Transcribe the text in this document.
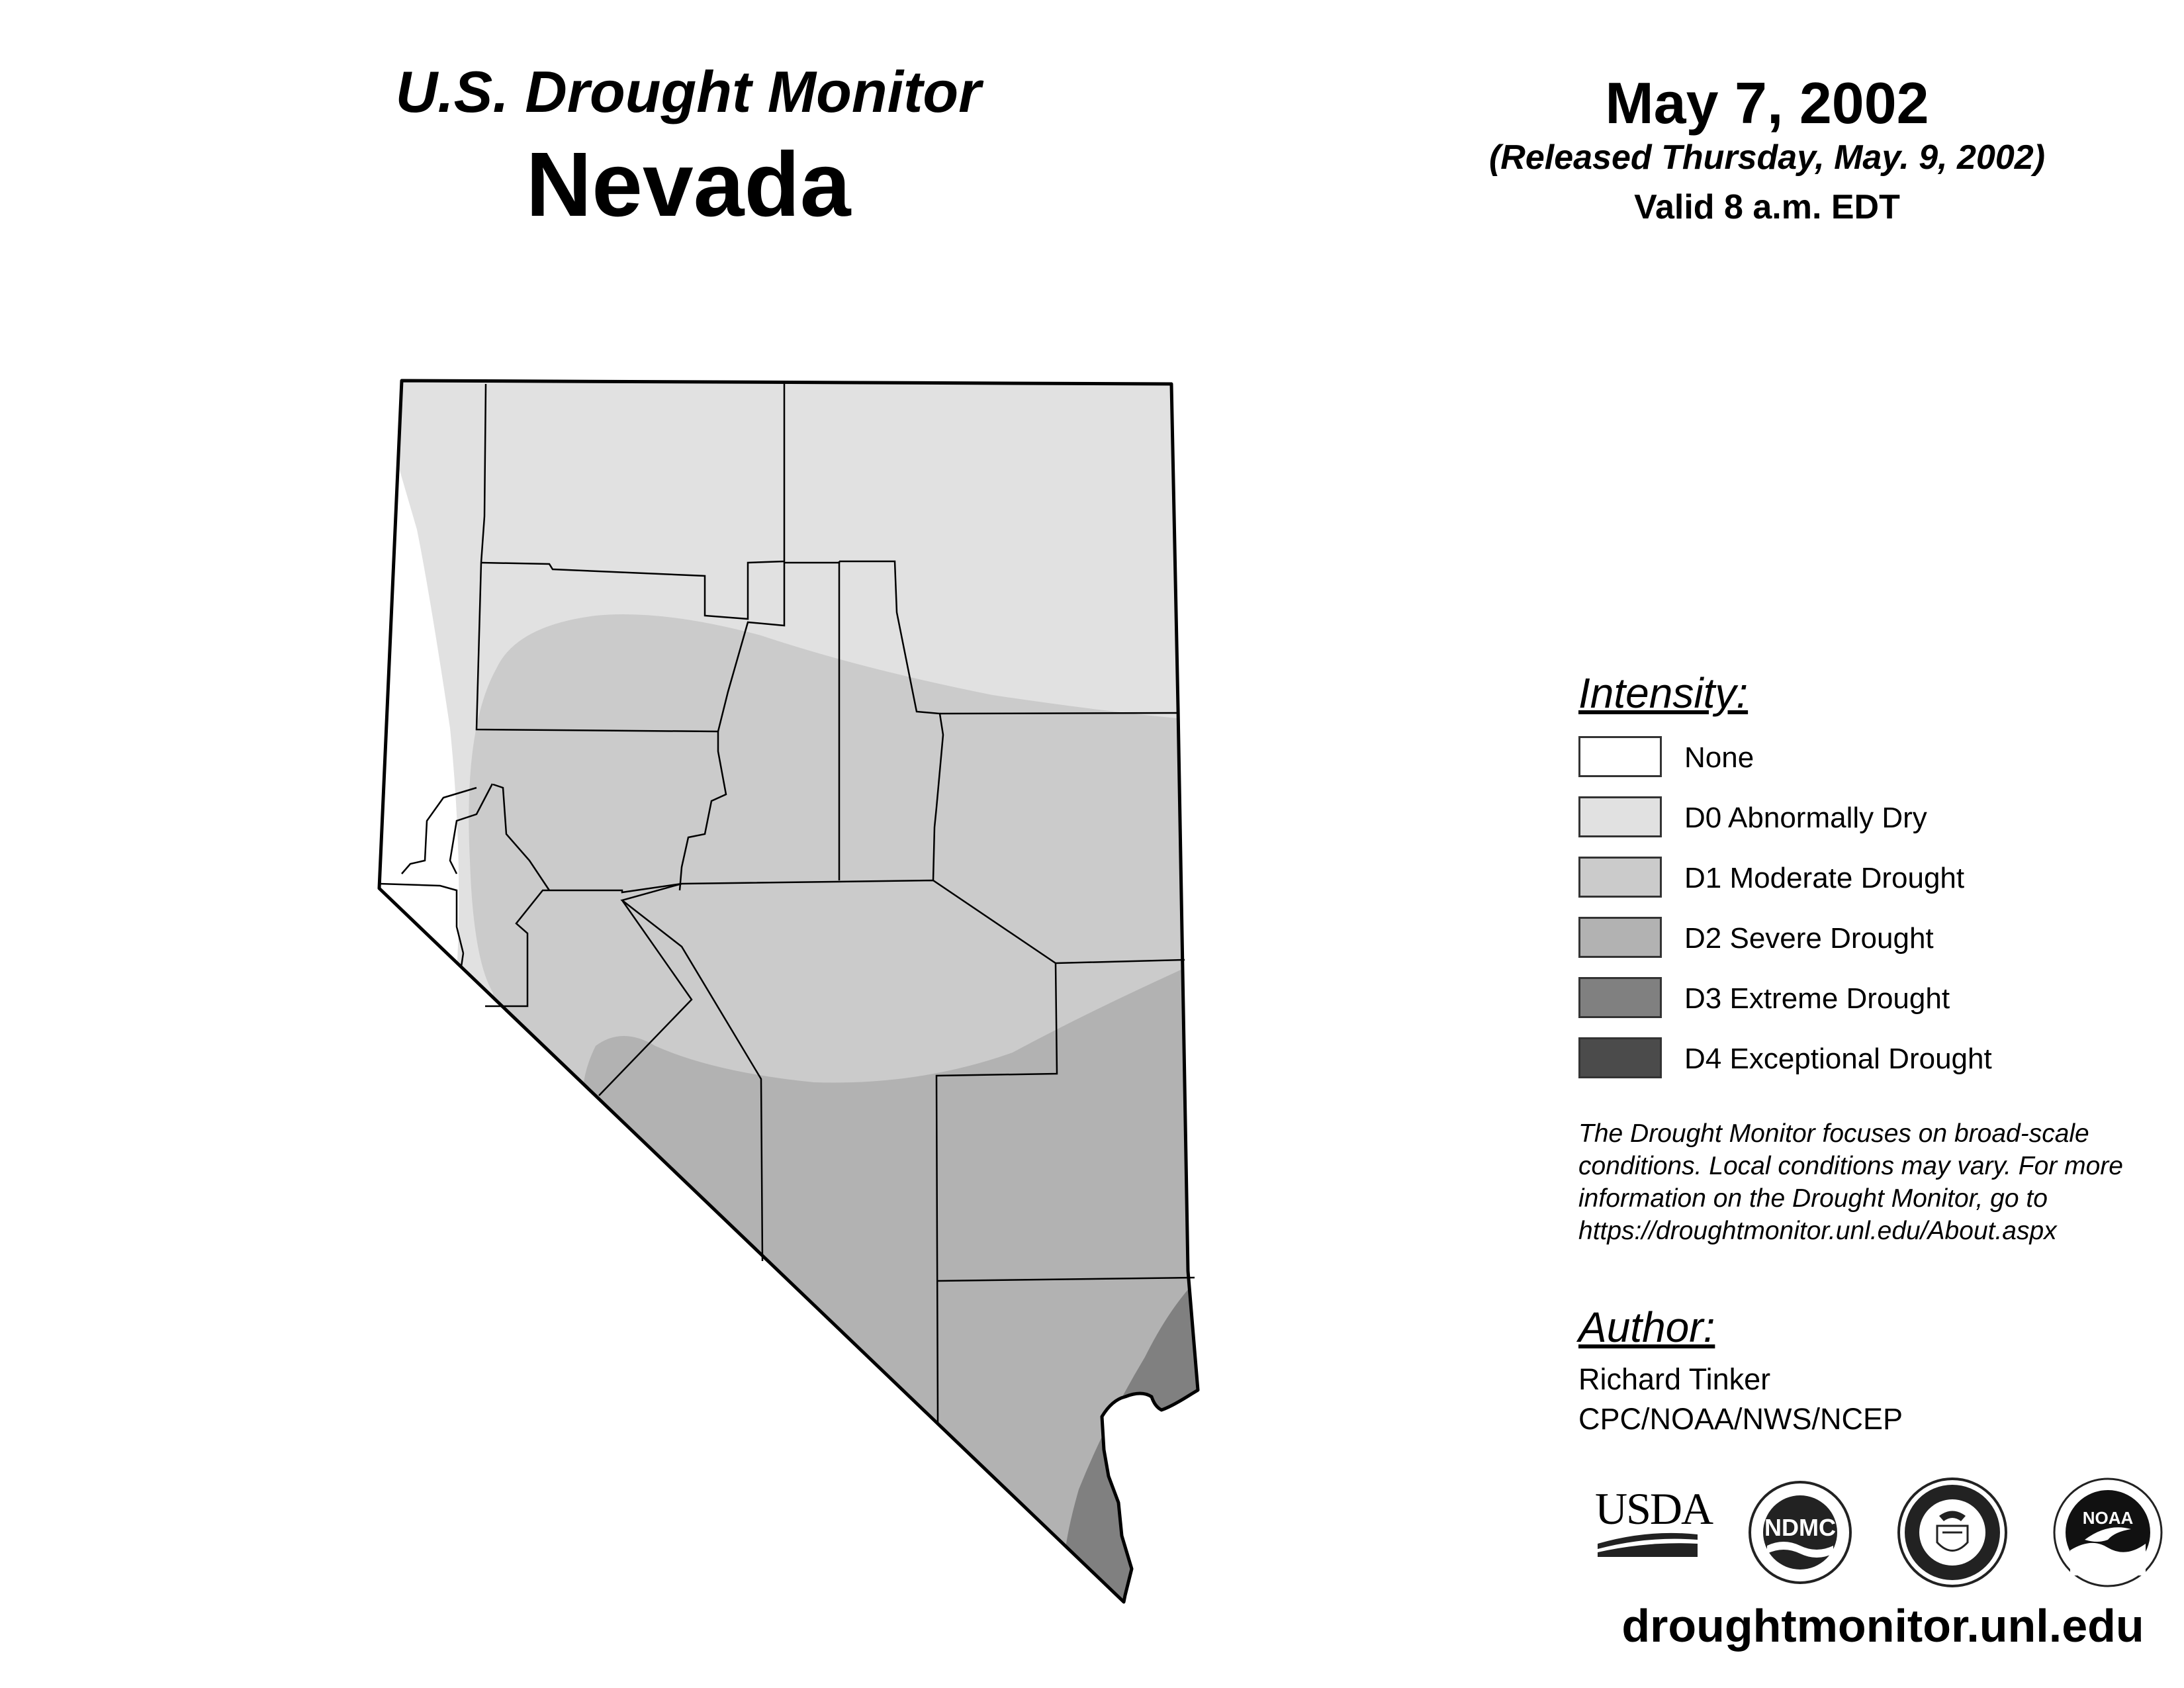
U.S. Drought Monitor
Nevada
May 7, 2002
(Released Thursday, May. 9, 2002)
Valid 8 a.m. EDT
Intensity:
None
D0 Abnormally Dry
D1 Moderate Drought
D2 Severe Drought
D3 Extreme Drought
D4 Exceptional Drought
The Drought Monitor focuses on broad-scale
conditions. Local conditions may vary. For more
information on the Drought Monitor, go to
https://droughtmonitor.unl.edu/About.aspx
Author:
Richard Tinker
CPC/NOAA/NWS/NCEP
USDA	NDMC	NOAA
droughtmonitor.unl.edu
